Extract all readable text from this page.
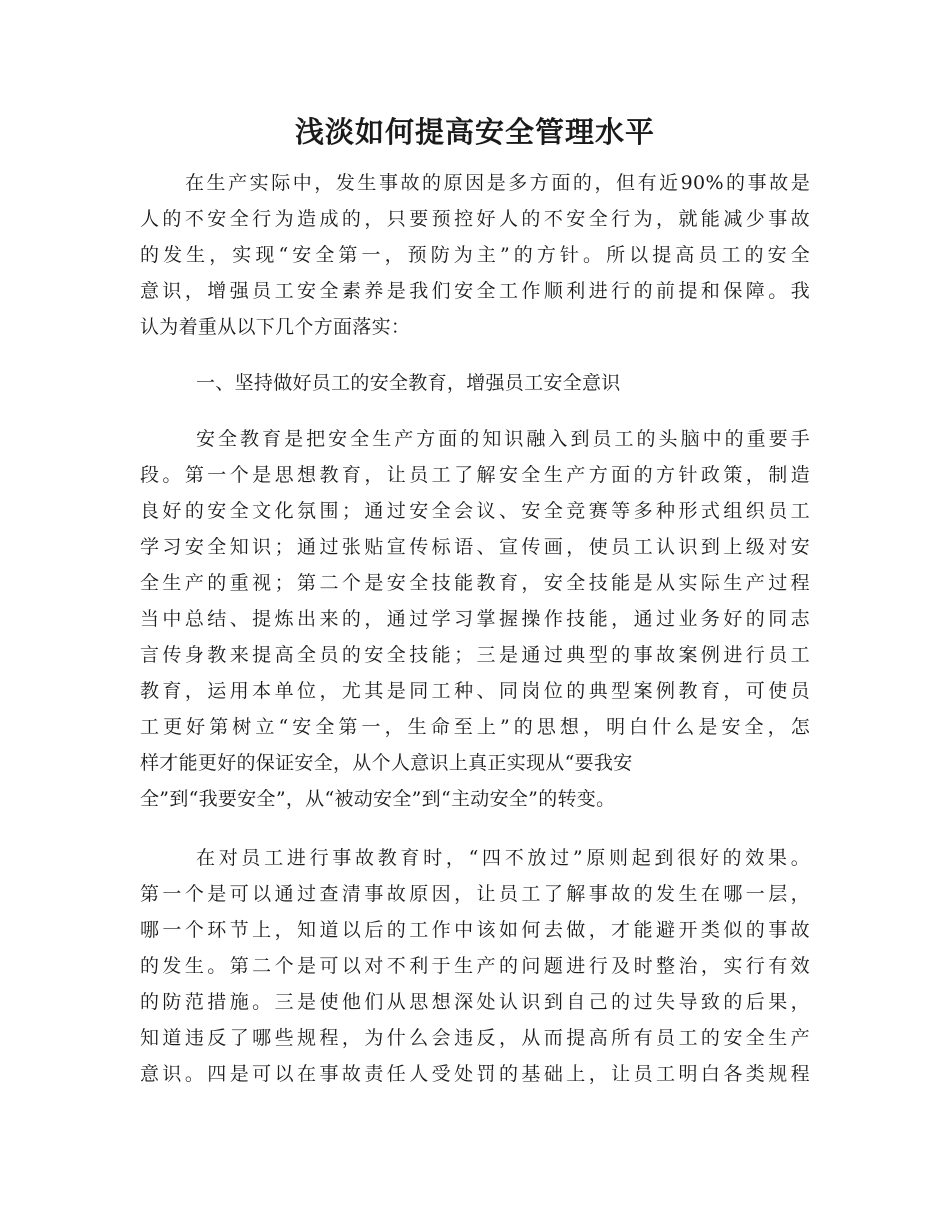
浅淡如何提高安全管理水平
在生产实际中，发生事故的原因是多方面的，但有近90%的事故是
人的不安全行为造成的，只要预控好人的不安全行为，就能减少事故
的发生，实现“安全第一，预防为主”的方针。所以提高员工的安全
意识，增强员工安全素养是我们安全工作顺利进行的前提和保障。我
认为着重从以下几个方面落实：
一、坚持做好员工的安全教育，增强员工安全意识
安全教育是把安全生产方面的知识融入到员工的头脑中的重要手
段。第一个是思想教育，让员工了解安全生产方面的方针政策，制造
良好的安全文化氛围；通过安全会议、安全竞赛等多种形式组织员工
学习安全知识；通过张贴宣传标语、宣传画，使员工认识到上级对安
全生产的重视；第二个是安全技能教育，安全技能是从实际生产过程
当中总结、提炼出来的，通过学习掌握操作技能，通过业务好的同志
言传身教来提高全员的安全技能；三是通过典型的事故案例进行员工
教育，运用本单位，尤其是同工种、同岗位的典型案例教育，可使员
工更好第树立“安全第一，生命至上”的思想，明白什么是安全，怎
样才能更好的保证安全，从个人意识上真正实现从“要我安
全”到“我要安全”，从“被动安全”到“主动安全”的转变。
在对员工进行事故教育时，“四不放过”原则起到很好的效果。
第一个是可以通过查清事故原因，让员工了解事故的发生在哪一层，
哪一个环节上，知道以后的工作中该如何去做，才能避开类似的事故
的发生。第二个是可以对不利于生产的问题进行及时整治，实行有效
的防范措施。三是使他们从思想深处认识到自己的过失导致的后果，
知道违反了哪些规程，为什么会违反，从而提高所有员工的安全生产
意识。四是可以在事故责任人受处罚的基础上，让员工明白各类规程
